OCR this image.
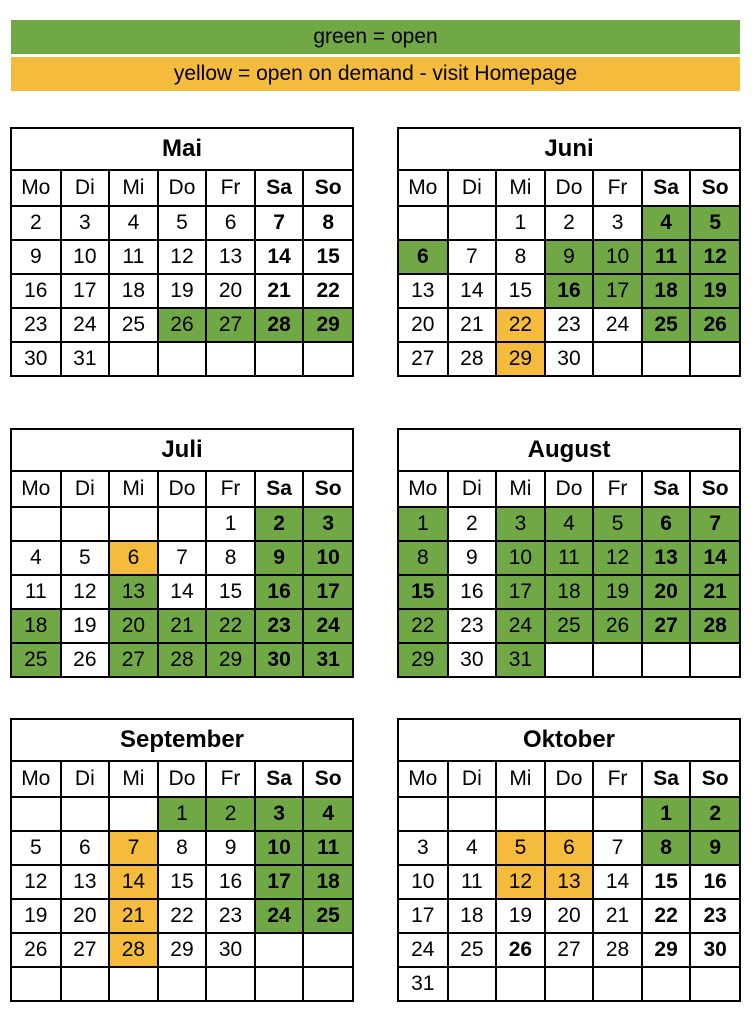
green = open
yellow = open on demand - visit Homepage
Mai
Mo	Di	Mi	Do	Fr	Sa	So
2	3	4	5	6	7	8
9	10	11	12	13	14	15
16	17	18	19	20	21	22
23	24	25	26	27	28	29
30	31					
Juni
Mo	Di	Mi	Do	Fr	Sa	So
		1	2	3	4	5
6	7	8	9	10	11	12
13	14	15	16	17	18	19
20	21	22	23	24	25	26
27	28	29	30			
Juli
Mo	Di	Mi	Do	Fr	Sa	So
				1	2	3
4	5	6	7	8	9	10
11	12	13	14	15	16	17
18	19	20	21	22	23	24
25	26	27	28	29	30	31
August
Mo	Di	Mi	Do	Fr	Sa	So
1	2	3	4	5	6	7
8	9	10	11	12	13	14
15	16	17	18	19	20	21
22	23	24	25	26	27	28
29	30	31				
September
Mo	Di	Mi	Do	Fr	Sa	So
			1	2	3	4
5	6	7	8	9	10	11
12	13	14	15	16	17	18
19	20	21	22	23	24	25
26	27	28	29	30		

Oktober
Mo	Di	Mi	Do	Fr	Sa	So
					1	2
3	4	5	6	7	8	9
10	11	12	13	14	15	16
17	18	19	20	21	22	23
24	25	26	27	28	29	30
31						
